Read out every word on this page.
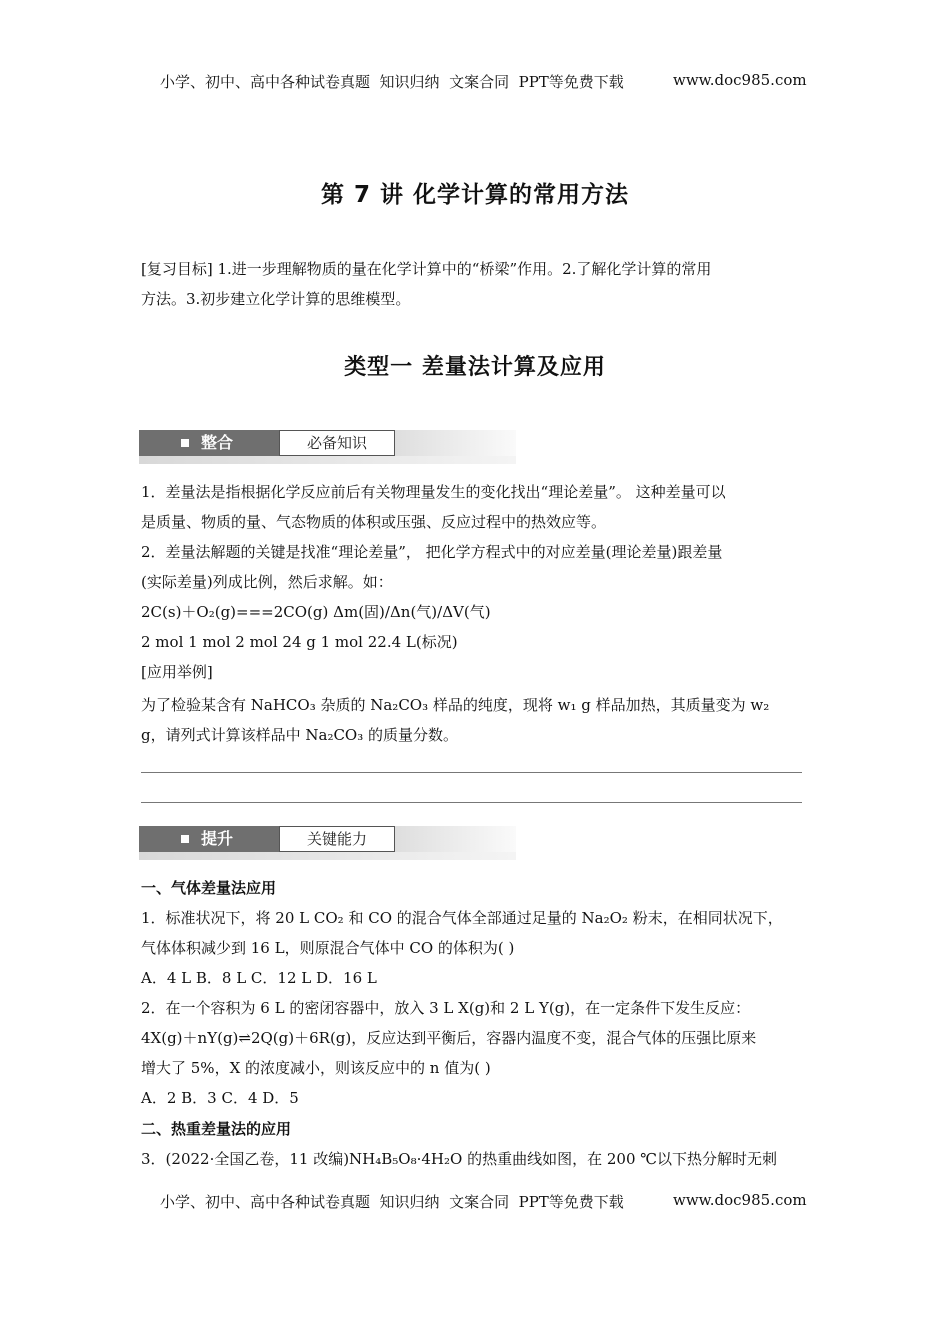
小学、初中、高中各种试卷真题  知识归纳  文案合同  PPT等免费下载	www.doc985.com
第 7 讲 化学计算的常用方法
[复习目标] 1.进一步理解物质的量在化学计算中的“桥梁”作用。2.了解化学计算的常用
方法。3.初步建立化学计算的思维模型。
类型一 差量法计算及应用
整合	必备知识
1．差量法是指根据化学反应前后有关物理量发生的变化找出“理论差量”。 这种差量可以
是质量、物质的量、气态物质的体积或压强、反应过程中的热效应等。
2．差量法解题的关键是找准“理论差量”， 把化学方程式中的对应差量(理论差量)跟差量
(实际差量)列成比例，然后求解。如：
2C(s)＋O₂(g)===2CO(g) Δm(固)/Δn(气)/ΔV(气)
2 mol 1 mol 2 mol 24 g 1 mol 22.4 L(标况)
[应用举例]
为了检验某含有 NaHCO₃ 杂质的 Na₂CO₃ 样品的纯度，现将 w₁ g 样品加热，其质量变为 w₂
g，请列式计算该样品中 Na₂CO₃ 的质量分数。
提升	关键能力
一、气体差量法应用
1．标准状况下，将 20 L CO₂ 和 CO 的混合气体全部通过足量的 Na₂O₂ 粉末，在相同状况下，
气体体积减少到 16 L，则原混合气体中 CO 的体积为( )
A．4 L B．8 L C．12 L D．16 L
2．在一个容积为 6 L 的密闭容器中，放入 3 L X(g)和 2 L Y(g)，在一定条件下发生反应：
4X(g)＋nY(g)⇌2Q(g)＋6R(g)，反应达到平衡后，容器内温度不变，混合气体的压强比原来
增大了 5%，X 的浓度减小，则该反应中的 n 值为( )
A．2 B．3 C．4 D．5
二、热重差量法的应用
3．(2022·全国乙卷，11 改编)NH₄B₅O₈·4H₂O 的热重曲线如图，在 200 ℃以下热分解时无刺
小学、初中、高中各种试卷真题  知识归纳  文案合同  PPT等免费下载	www.doc985.com
